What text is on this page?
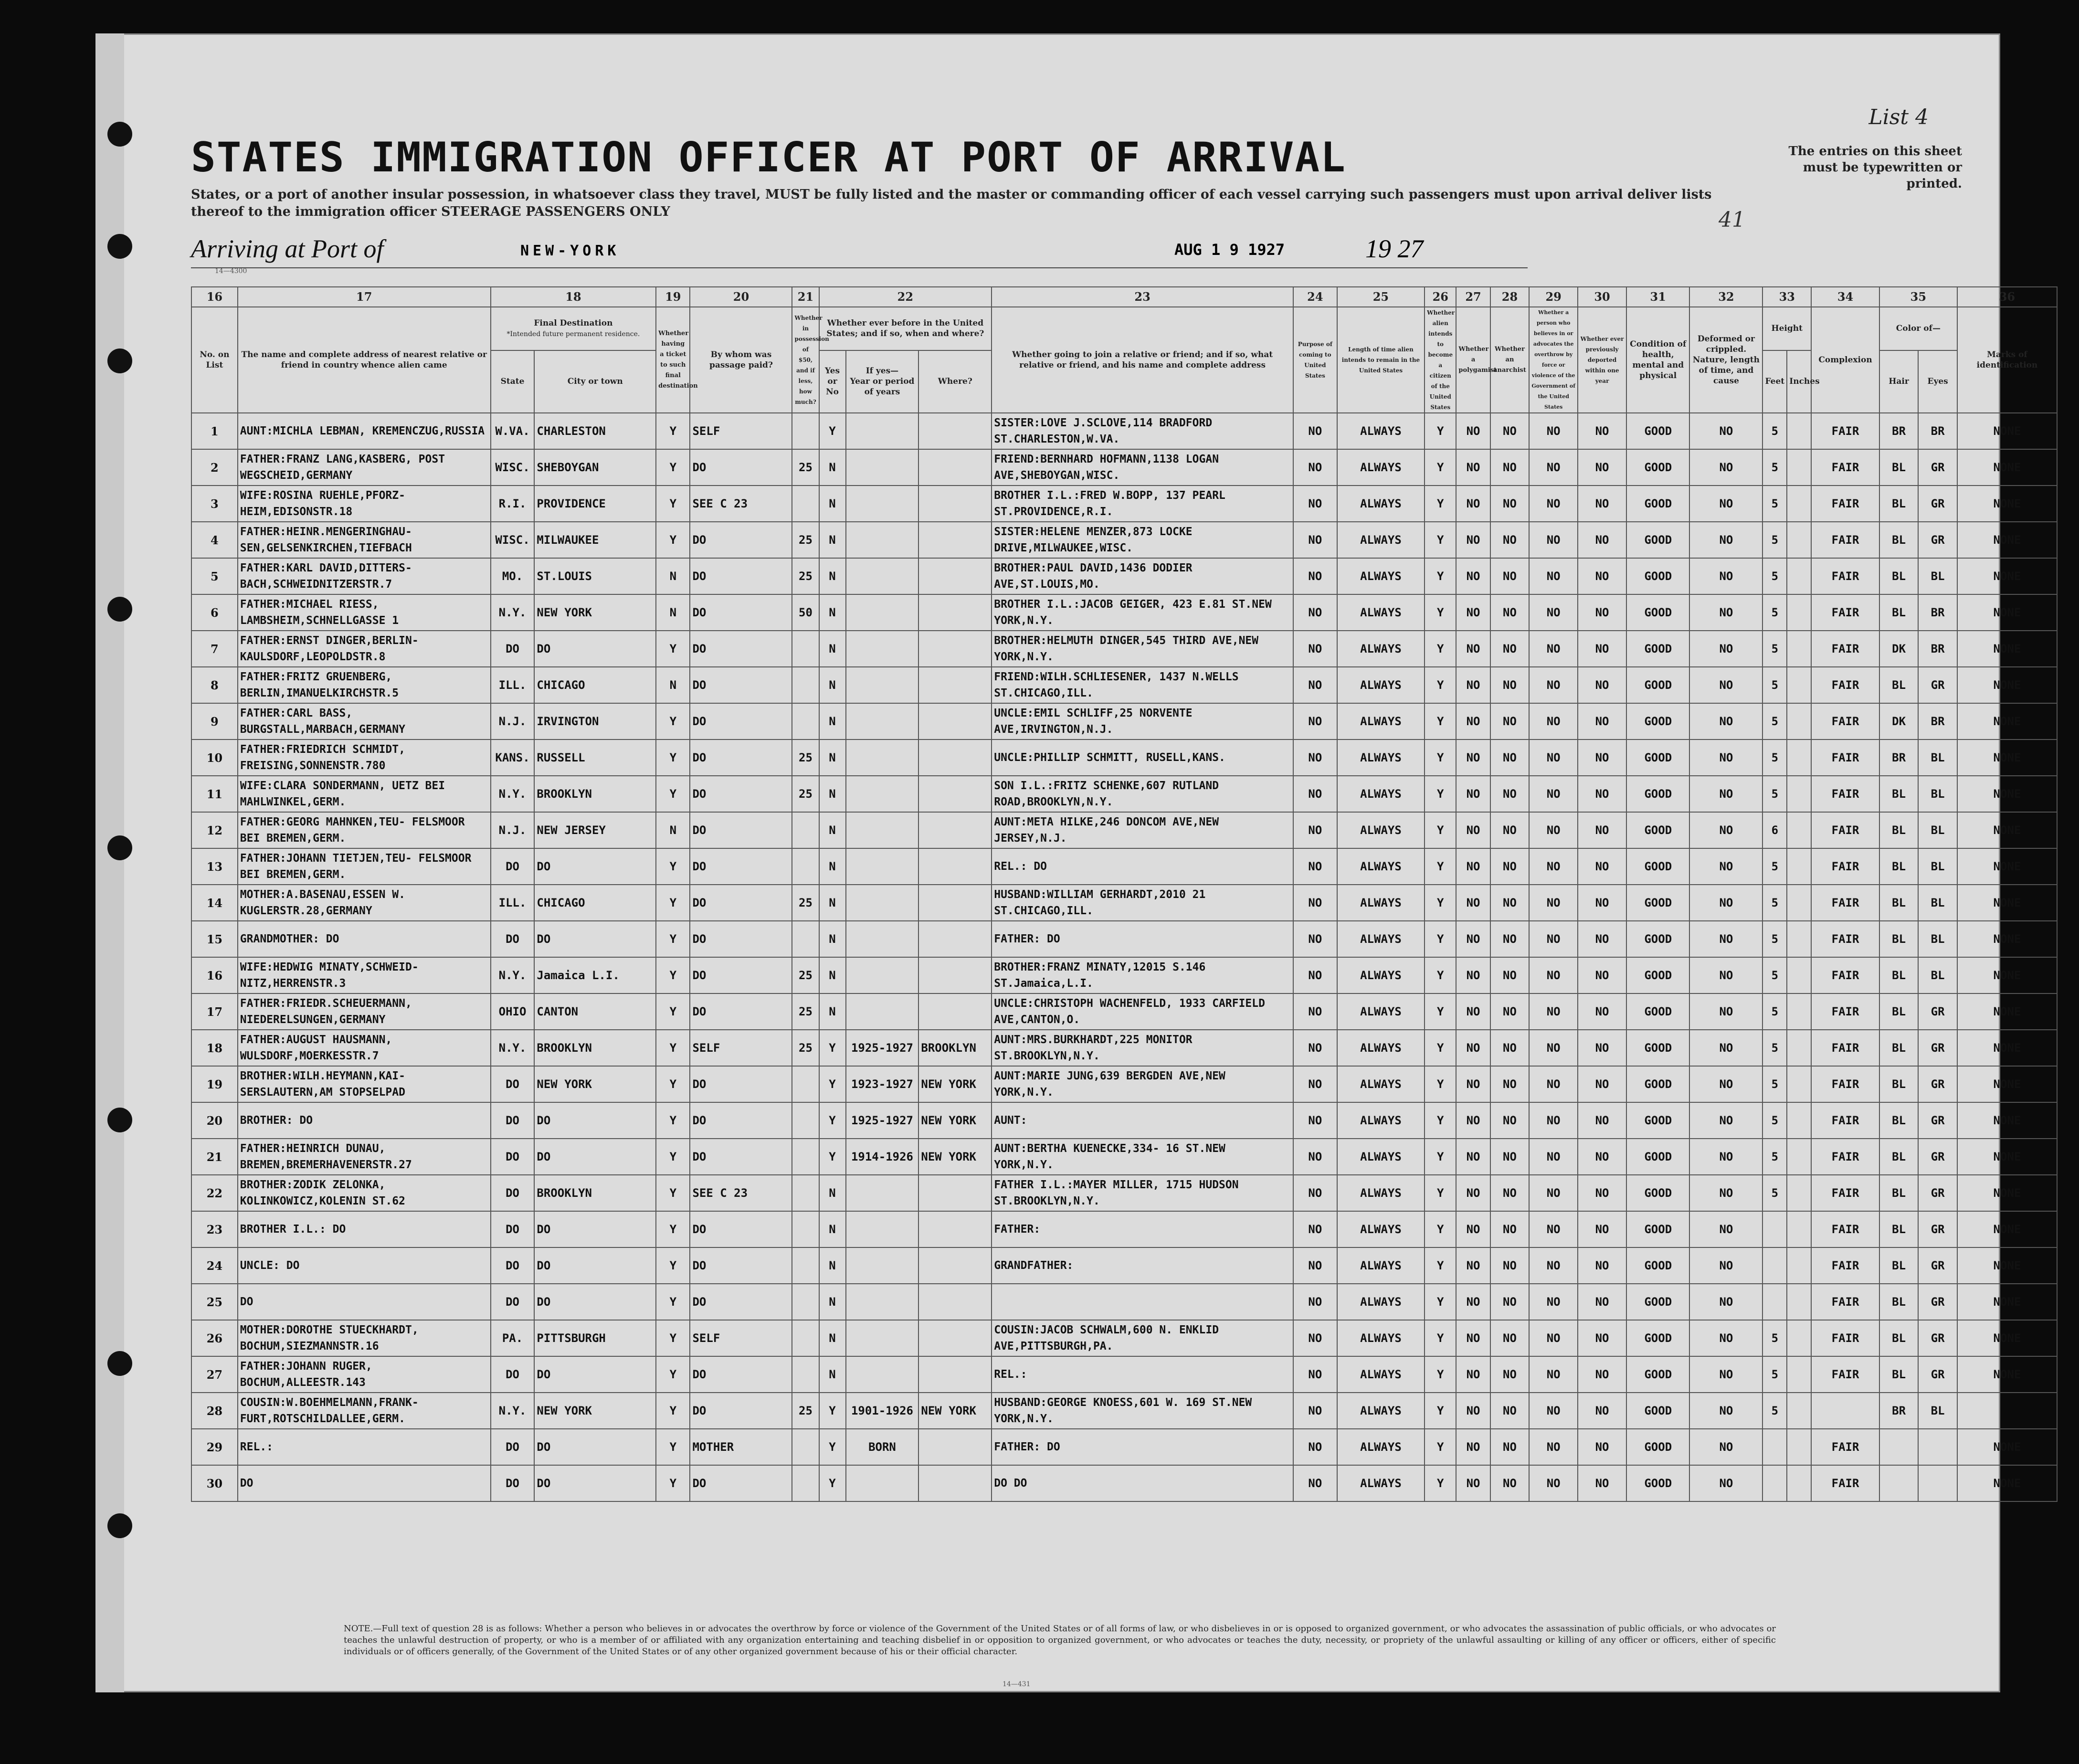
List 4
STATES IMMIGRATION OFFICER AT PORT OF ARRIVAL	The entries on this sheet must be typewritten or printed.
States, or a port of another insular possession, in whatsoever class they travel, MUST be fully listed and the master or commanding officer of each vessel carrying such passengers must upon arrival deliver lists thereof to the immigration officer STEERAGE PASSENGERS ONLY	41
14—4300
Arriving at Port of	NEW-YORK	AUG 1 9 1927	19 27
16	17	18		19	20	21	22			23	24	25	26	27	28	29	30	31	32	33		34	35		36
No. on List	The name and complete address of nearest relative or friend in country whence alien came	Final Destination
*Intended future permanent residence.		Whether having a ticket to such final destination	By whom was passage paid?	Whether in possession of $50, and if less, how much?	Whether ever before in the United States; and if so, when and where?			Whether going to join a relative or friend; and if so, what relative or friend, and his name and complete address	Purpose of coming to United States	Length of time alien intends to remain in the United States	Whether alien intends to become a citizen of the United States	Whether a polygamist	Whether an anarchist	Whether a person who believes in or advocates the overthrow by force or violence of the Government of the United States	Whether ever previously deported within one year	Condition of health, mental and physical	Deformed or crippled. Nature, length of time, and cause	Height		Complexion	Color of—		Marks of identification
		State	City or town				Yes or No	If yes—
Year or period of years	Where?											Feet	Inches		Hair	Eyes	
1	AUNT:MICHLA LEBMAN, KREMENCZUG,RUSSIA	W.VA.	CHARLESTON	Y	SELF		Y			SISTER:LOVE J.SCLOVE,114 BRADFORD ST.CHARLESTON,W.VA.	NO	ALWAYS	Y	NO	NO	NO	NO	GOOD	NO	5		FAIR	BR	BR	NONE
2	FATHER:FRANZ LANG,KASBERG, POST WEGSCHEID,GERMANY	WISC.	SHEBOYGAN	Y	DO	25	N			FRIEND:BERNHARD HOFMANN,1138 LOGAN AVE,SHEBOYGAN,WISC.	NO	ALWAYS	Y	NO	NO	NO	NO	GOOD	NO	5		FAIR	BL	GR	NONE
3	WIFE:ROSINA RUEHLE,PFORZ- HEIM,EDISONSTR.18	R.I.	PROVIDENCE	Y	SEE C 23		N			BROTHER I.L.:FRED W.BOPP, 137 PEARL ST.PROVIDENCE,R.I.	NO	ALWAYS	Y	NO	NO	NO	NO	GOOD	NO	5		FAIR	BL	GR	NONE
4	FATHER:HEINR.MENGERINGHAU- SEN,GELSENKIRCHEN,TIEFBACH	WISC.	MILWAUKEE	Y	DO	25	N			SISTER:HELENE MENZER,873 LOCKE DRIVE,MILWAUKEE,WISC.	NO	ALWAYS	Y	NO	NO	NO	NO	GOOD	NO	5		FAIR	BL	GR	NONE
5	FATHER:KARL DAVID,DITTERS- BACH,SCHWEIDNITZERSTR.7	MO.	ST.LOUIS	N	DO	25	N			BROTHER:PAUL DAVID,1436 DODIER AVE,ST.LOUIS,MO.	NO	ALWAYS	Y	NO	NO	NO	NO	GOOD	NO	5		FAIR	BL	BL	NONE
6	FATHER:MICHAEL RIESS, LAMBSHEIM,SCHNELLGASSE 1	N.Y.	NEW YORK	N	DO	50	N			BROTHER I.L.:JACOB GEIGER, 423 E.81 ST.NEW YORK,N.Y.	NO	ALWAYS	Y	NO	NO	NO	NO	GOOD	NO	5		FAIR	BL	BR	NONE
7	FATHER:ERNST DINGER,BERLIN- KAULSDORF,LEOPOLDSTR.8	DO	DO	Y	DO		N			BROTHER:HELMUTH DINGER,545 THIRD AVE,NEW YORK,N.Y.	NO	ALWAYS	Y	NO	NO	NO	NO	GOOD	NO	5		FAIR	DK	BR	NONE
8	FATHER:FRITZ GRUENBERG, BERLIN,IMANUELKIRCHSTR.5	ILL.	CHICAGO	N	DO		N			FRIEND:WILH.SCHLIESENER, 1437 N.WELLS ST.CHICAGO,ILL.	NO	ALWAYS	Y	NO	NO	NO	NO	GOOD	NO	5		FAIR	BL	GR	NONE
9	FATHER:CARL BASS, BURGSTALL,MARBACH,GERMANY	N.J.	IRVINGTON	Y	DO		N			UNCLE:EMIL SCHLIFF,25 NORVENTE AVE,IRVINGTON,N.J.	NO	ALWAYS	Y	NO	NO	NO	NO	GOOD	NO	5		FAIR	DK	BR	NONE
10	FATHER:FRIEDRICH SCHMIDT, FREISING,SONNENSTR.780	KANS.	RUSSELL	Y	DO	25	N			UNCLE:PHILLIP SCHMITT, RUSELL,KANS.	NO	ALWAYS	Y	NO	NO	NO	NO	GOOD	NO	5		FAIR	BR	BL	NONE
11	WIFE:CLARA SONDERMANN, UETZ BEI MAHLWINKEL,GERM.	N.Y.	BROOKLYN	Y	DO	25	N			SON I.L.:FRITZ SCHENKE,607 RUTLAND ROAD,BROOKLYN,N.Y.	NO	ALWAYS	Y	NO	NO	NO	NO	GOOD	NO	5		FAIR	BL	BL	NONE
12	FATHER:GEORG MAHNKEN,TEU- FELSMOOR BEI BREMEN,GERM.	N.J.	NEW JERSEY	N	DO		N			AUNT:META HILKE,246 DONCOM AVE,NEW JERSEY,N.J.	NO	ALWAYS	Y	NO	NO	NO	NO	GOOD	NO	6		FAIR	BL	BL	NONE
13	FATHER:JOHANN TIETJEN,TEU- FELSMOOR BEI BREMEN,GERM.	DO	DO	Y	DO		N			REL.: DO	NO	ALWAYS	Y	NO	NO	NO	NO	GOOD	NO	5		FAIR	BL	BL	NONE
14	MOTHER:A.BASENAU,ESSEN W. KUGLERSTR.28,GERMANY	ILL.	CHICAGO	Y	DO	25	N			HUSBAND:WILLIAM GERHARDT,2010 21 ST.CHICAGO,ILL.	NO	ALWAYS	Y	NO	NO	NO	NO	GOOD	NO	5		FAIR	BL	BL	NONE
15	GRANDMOTHER: DO	DO	DO	Y	DO		N			FATHER: DO	NO	ALWAYS	Y	NO	NO	NO	NO	GOOD	NO	5		FAIR	BL	BL	NONE
16	WIFE:HEDWIG MINATY,SCHWEID- NITZ,HERRENSTR.3	N.Y.	Jamaica L.I.	Y	DO	25	N			BROTHER:FRANZ MINATY,12015 S.146 ST.Jamaica,L.I.	NO	ALWAYS	Y	NO	NO	NO	NO	GOOD	NO	5		FAIR	BL	BL	NONE
17	FATHER:FRIEDR.SCHEUERMANN, NIEDERELSUNGEN,GERMANY	OHIO	CANTON	Y	DO	25	N			UNCLE:CHRISTOPH WACHENFELD, 1933 CARFIELD AVE,CANTON,O.	NO	ALWAYS	Y	NO	NO	NO	NO	GOOD	NO	5		FAIR	BL	GR	NONE
18	FATHER:AUGUST HAUSMANN, WULSDORF,MOERKESSTR.7	N.Y.	BROOKLYN	Y	SELF	25	Y	1925-1927	BROOKLYN	AUNT:MRS.BURKHARDT,225 MONITOR ST.BROOKLYN,N.Y.	NO	ALWAYS	Y	NO	NO	NO	NO	GOOD	NO	5		FAIR	BL	GR	NONE
19	BROTHER:WILH.HEYMANN,KAI- SERSLAUTERN,AM STOPSELPAD	DO	NEW YORK	Y	DO		Y	1923-1927	NEW YORK	AUNT:MARIE JUNG,639 BERGDEN AVE,NEW YORK,N.Y.	NO	ALWAYS	Y	NO	NO	NO	NO	GOOD	NO	5		FAIR	BL	GR	NONE
20	BROTHER: DO	DO	DO	Y	DO		Y	1925-1927	NEW YORK	AUNT:	NO	ALWAYS	Y	NO	NO	NO	NO	GOOD	NO	5		FAIR	BL	GR	NONE
21	FATHER:HEINRICH DUNAU, BREMEN,BREMERHAVENERSTR.27	DO	DO	Y	DO		Y	1914-1926	NEW YORK	AUNT:BERTHA KUENECKE,334- 16 ST.NEW YORK,N.Y.	NO	ALWAYS	Y	NO	NO	NO	NO	GOOD	NO	5		FAIR	BL	GR	NONE
22	BROTHER:ZODIK ZELONKA, KOLINKOWICZ,KOLENIN ST.62	DO	BROOKLYN	Y	SEE C 23		N			FATHER I.L.:MAYER MILLER, 1715 HUDSON ST.BROOKLYN,N.Y.	NO	ALWAYS	Y	NO	NO	NO	NO	GOOD	NO	5		FAIR	BL	GR	NONE
23	BROTHER I.L.: DO	DO	DO	Y	DO		N			FATHER:	NO	ALWAYS	Y	NO	NO	NO	NO	GOOD	NO			FAIR	BL	GR	NONE
24	UNCLE: DO	DO	DO	Y	DO		N			GRANDFATHER:	NO	ALWAYS	Y	NO	NO	NO	NO	GOOD	NO			FAIR	BL	GR	NONE
25	DO	DO	DO	Y	DO		N				NO	ALWAYS	Y	NO	NO	NO	NO	GOOD	NO			FAIR	BL	GR	NONE
26	MOTHER:DOROTHE STUECKHARDT, BOCHUM,SIEZMANNSTR.16	PA.	PITTSBURGH	Y	SELF		N			COUSIN:JACOB SCHWALM,600 N. ENKLID AVE,PITTSBURGH,PA.	NO	ALWAYS	Y	NO	NO	NO	NO	GOOD	NO	5		FAIR	BL	GR	NONE
27	FATHER:JOHANN RUGER, BOCHUM,ALLEESTR.143	DO	DO	Y	DO		N			REL.:	NO	ALWAYS	Y	NO	NO	NO	NO	GOOD	NO	5		FAIR	BL	GR	NONE
28	COUSIN:W.BOEHMELMANN,FRANK- FURT,ROTSCHILDALLEE,GERM.	N.Y.	NEW YORK	Y	DO	25	Y	1901-1926	NEW YORK	HUSBAND:GEORGE KNOESS,601 W. 169 ST.NEW YORK,N.Y.	NO	ALWAYS	Y	NO	NO	NO	NO	GOOD	NO	5			BR	BL	
29	REL.:	DO	DO	Y	MOTHER		Y	BORN		FATHER: DO	NO	ALWAYS	Y	NO	NO	NO	NO	GOOD	NO			FAIR			NONE
30	DO	DO	DO	Y	DO		Y			DO DO	NO	ALWAYS	Y	NO	NO	NO	NO	GOOD	NO			FAIR			NONE
NOTE.—Full text of question 28 is as follows: Whether a person who believes in or advocates the overthrow by force or violence of the Government of the United States or of all forms of law, or who disbelieves in or is opposed to organized government, or who advocates the assassination of public officials, or who advocates or teaches the unlawful destruction of property, or who is a member of or affiliated with any organization entertaining and teaching disbelief in or opposition to organized government, or who advocates or teaches the duty, necessity, or propriety of the unlawful assaulting or killing of any officer or officers, either of specific individuals or of officers generally, of the Government of the United States or of any other organized government because of his or their official character.
14—431
